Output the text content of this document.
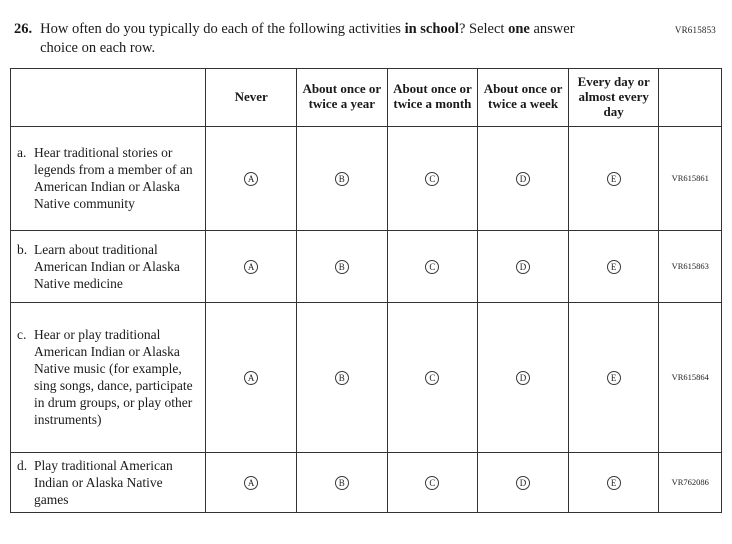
VR615853
26. How often do you typically do each of the following activities in school? Select one answer choice on each row.
	Never	About once or twice a year	About once or twice a month	About once or twice a week	Every day or almost every day	

a. Hear traditional stories or legends from a member of an American Indian or Alaska Native community	A	B	C	D	E	VR615861

b. Learn about traditional American Indian or Alaska Native medicine	A	B	C	D	E	VR615863

c. Hear or play traditional American Indian or Alaska Native music (for example, sing songs, dance, participate in drum groups, or play other instruments)	A	B	C	D	E	VR615864

d. Play traditional American Indian or Alaska Native games	A	B	C	D	E	VR762086
